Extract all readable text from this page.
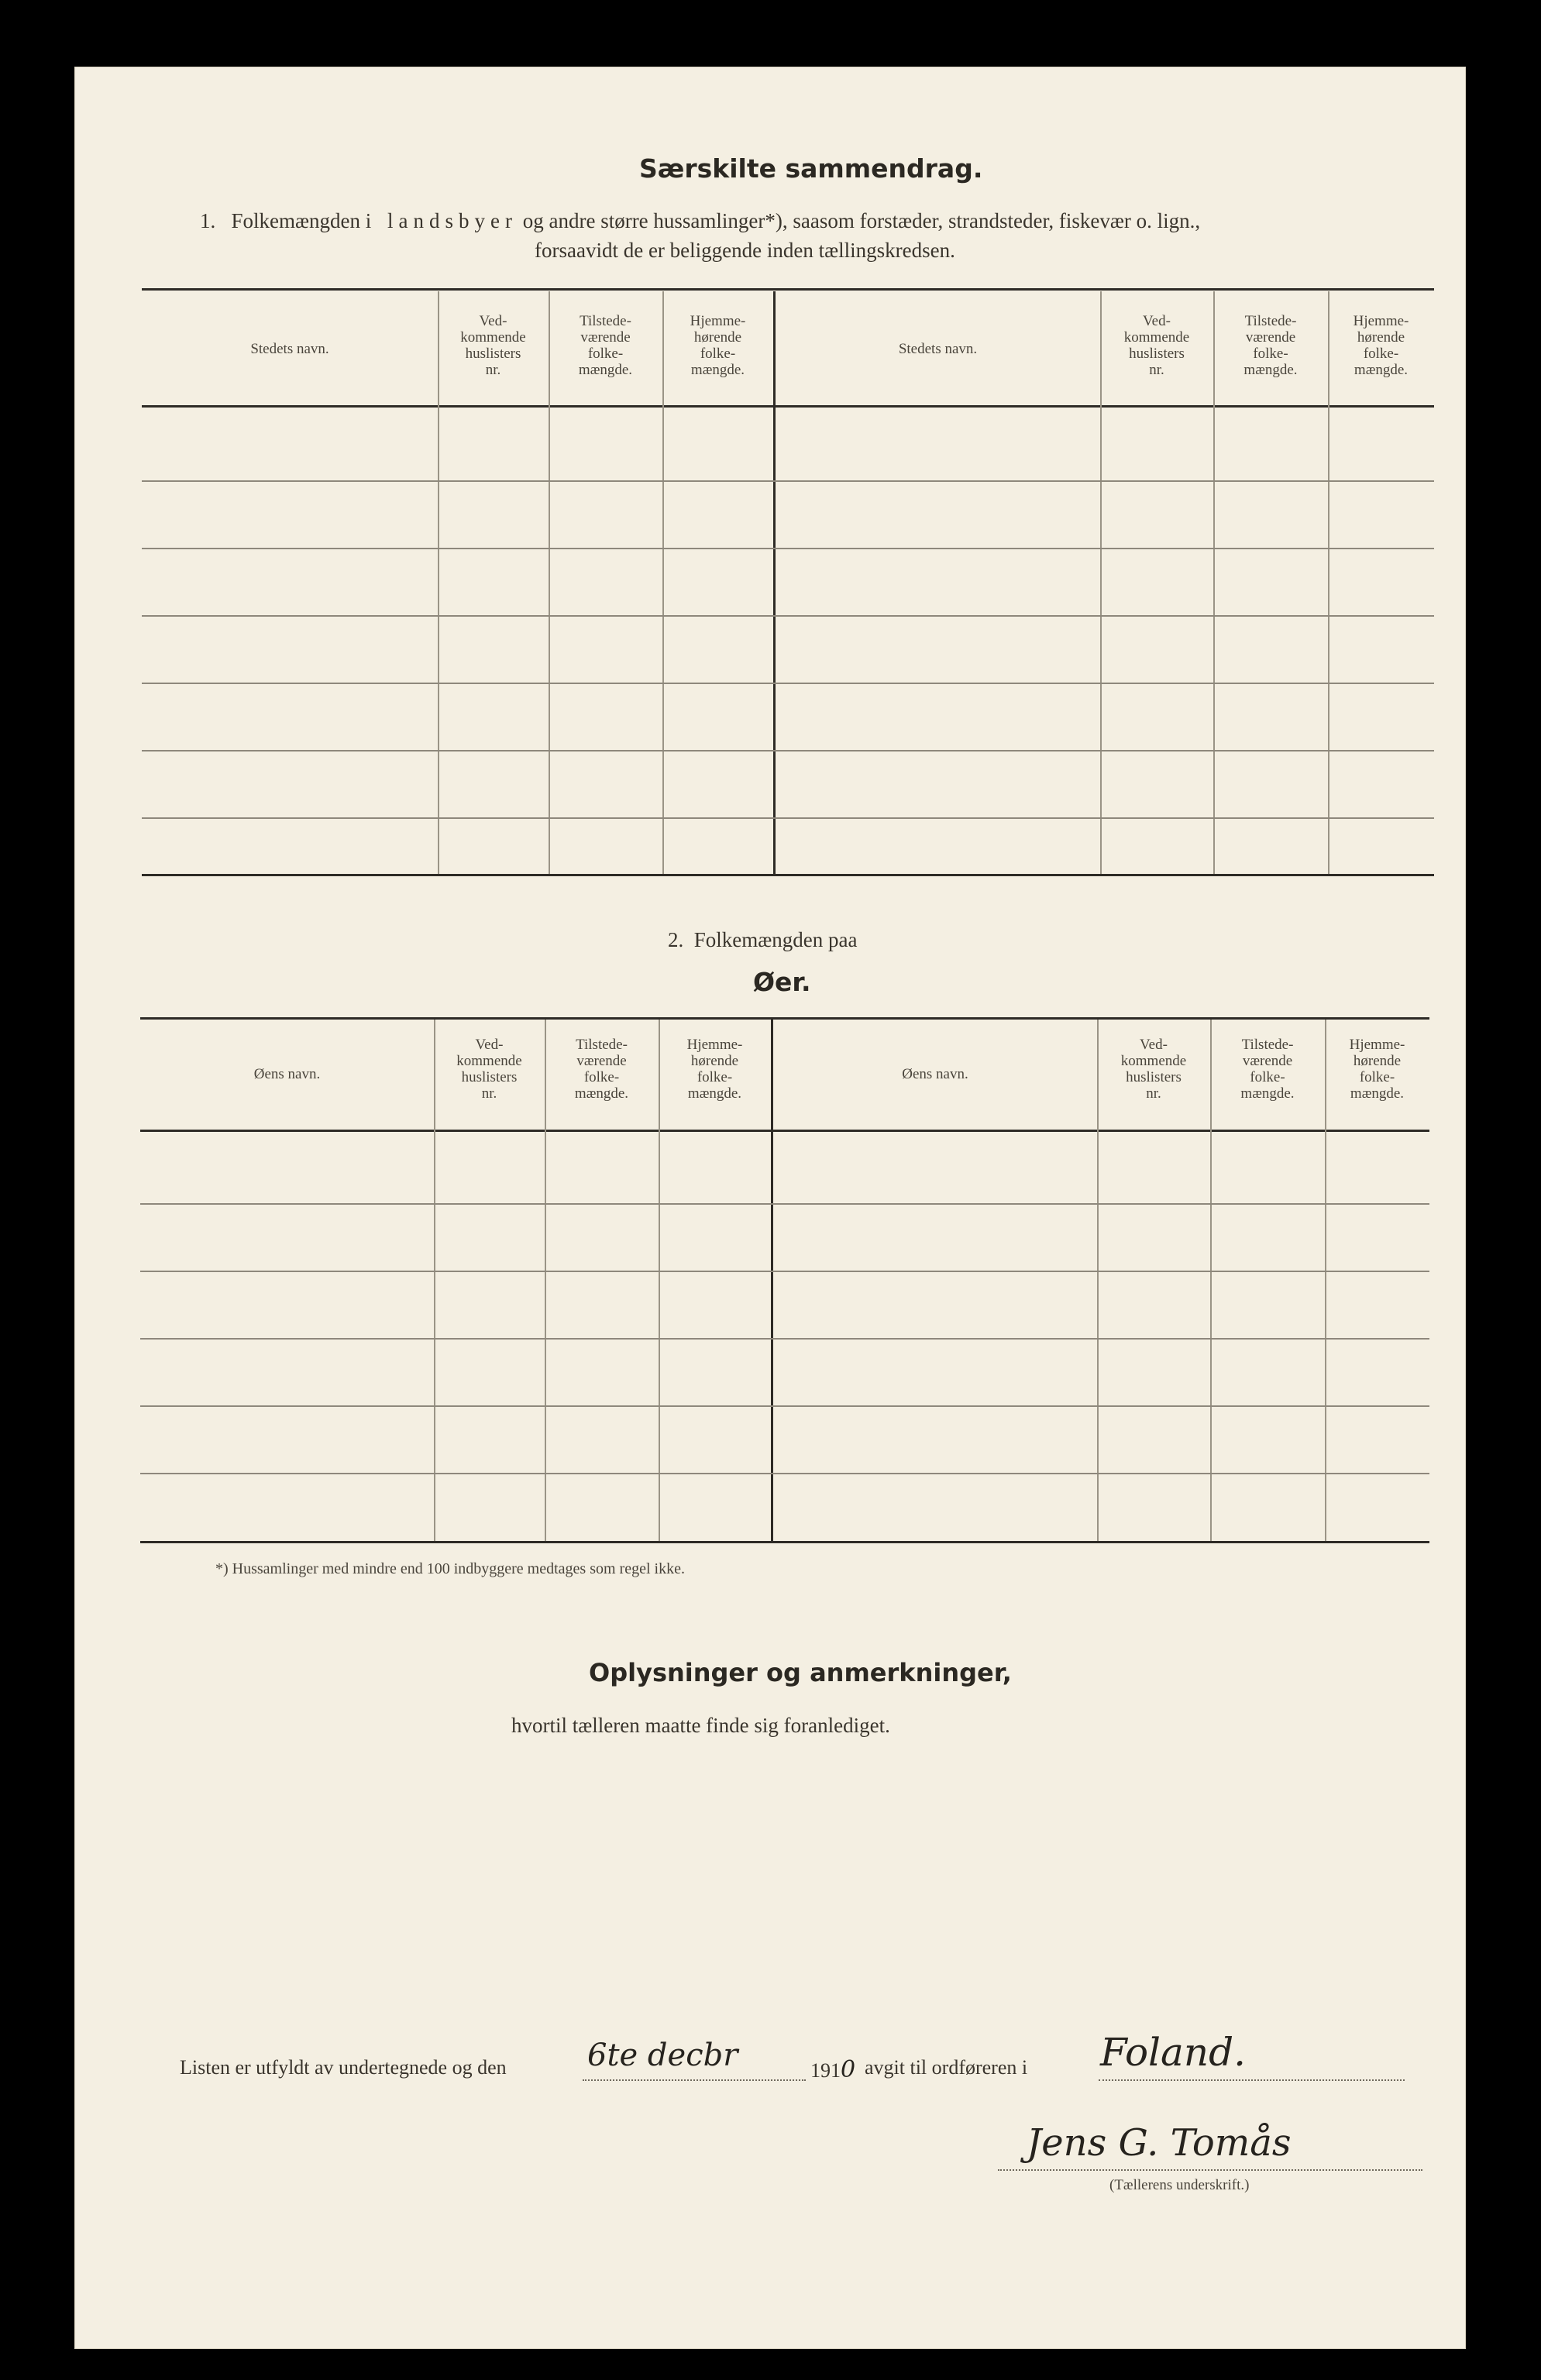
Særskilte sammendrag.
1. Folkemængden i landsbyer og andre større hussamlinger*), saasom forstæder, strandsteder, fiskevær o. lign.,
forsaavidt de er beliggende inden tællingskredsen.
Stedets navn.
Ved-
kommende
huslisters
nr.
Tilstede-
værende
folke-
mængde.
Hjemme-
hørende
folke-
mængde.
Stedets navn.
Ved-
kommende
huslisters
nr.
Tilstede-
værende
folke-
mængde.
Hjemme-
hørende
folke-
mængde.
2. Folkemængden paa
Øer.
Øens navn.
Ved-
kommende
huslisters
nr.
Tilstede-
værende
folke-
mængde.
Hjemme-
hørende
folke-
mængde.
Øens navn.
Ved-
kommende
huslisters
nr.
Tilstede-
værende
folke-
mængde.
Hjemme-
hørende
folke-
mængde.
*) Hussamlinger med mindre end 100 indbyggere medtages som regel ikke.
Oplysninger og anmerkninger,
hvortil tælleren maatte finde sig foranlediget.
Listen er utfyldt av undertegnede og den	6te decbr	1910 avgit til ordføreren i Foland.
Jens G. Tomås
(Tællerens underskrift.)
